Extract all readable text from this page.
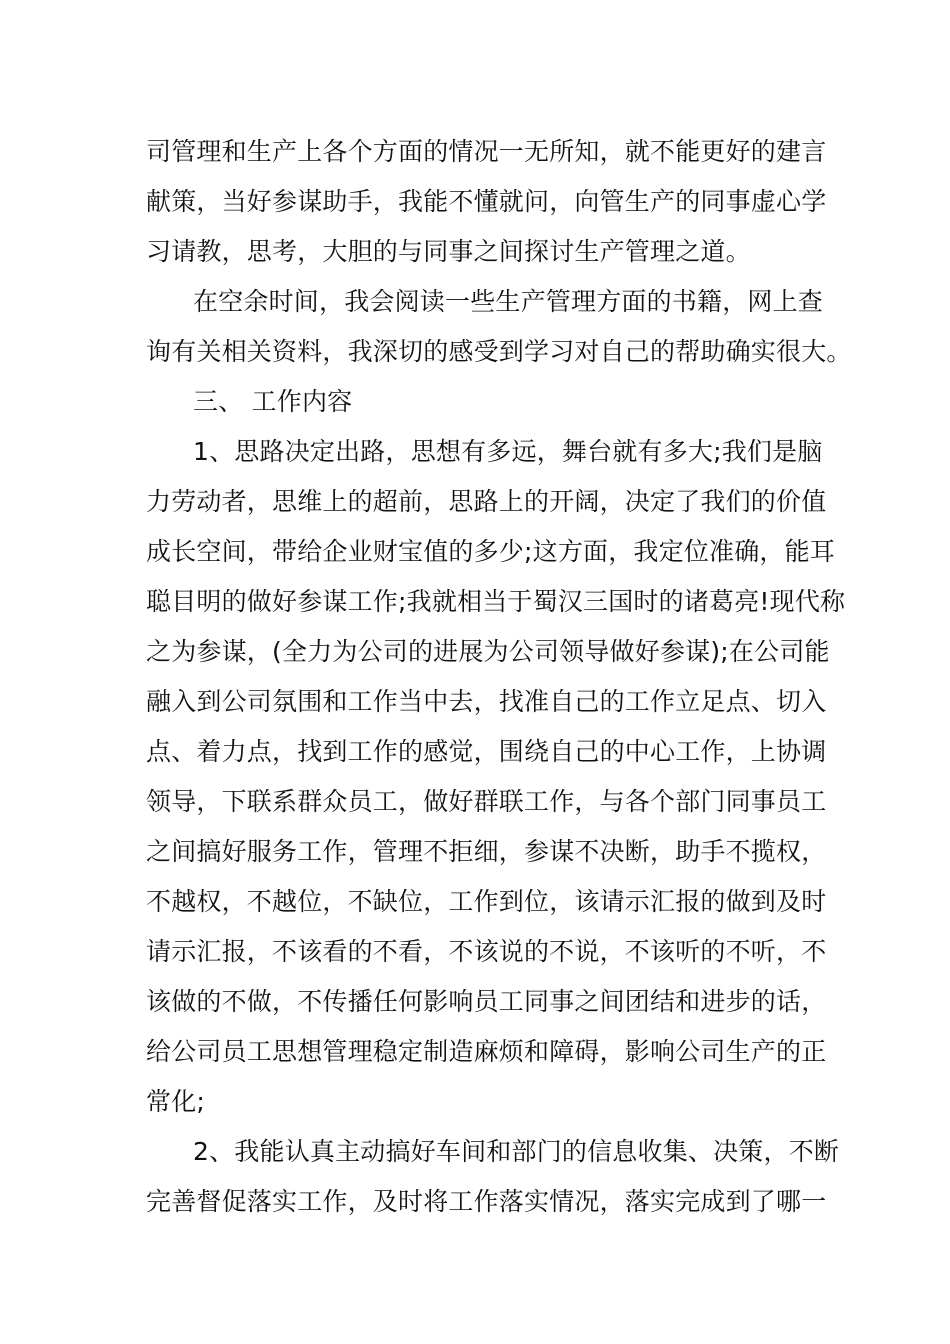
司管理和生产上各个方面的情况一无所知，就不能更好的建言
献策，当好参谋助手，我能不懂就问，向管生产的同事虚心学
习请教，思考，大胆的与同事之间探讨生产管理之道。
在空余时间，我会阅读一些生产管理方面的书籍，网上查
询有关相关资料，我深切的感受到学习对自己的帮助确实很大。
三、 工作内容
1、思路决定出路，思想有多远，舞台就有多大;我们是脑
力劳动者，思维上的超前，思路上的开阔，决定了我们的价值
成长空间，带给企业财宝值的多少;这方面，我定位准确，能耳
聪目明的做好参谋工作;我就相当于蜀汉三国时的诸葛亮!现代称
之为参谋，(全力为公司的进展为公司领导做好参谋);在公司能
融入到公司氛围和工作当中去，找准自己的工作立足点、切入
点、着力点，找到工作的感觉，围绕自己的中心工作，上协调
领导，下联系群众员工，做好群联工作，与各个部门同事员工
之间搞好服务工作，管理不拒细，参谋不决断，助手不揽权，
不越权，不越位，不缺位，工作到位，该请示汇报的做到及时
请示汇报，不该看的不看，不该说的不说，不该听的不听，不
该做的不做，不传播任何影响员工同事之间团结和进步的话，
给公司员工思想管理稳定制造麻烦和障碍，影响公司生产的正
常化;
2、我能认真主动搞好车间和部门的信息收集、决策，不断
完善督促落实工作，及时将工作落实情况，落实完成到了哪一
